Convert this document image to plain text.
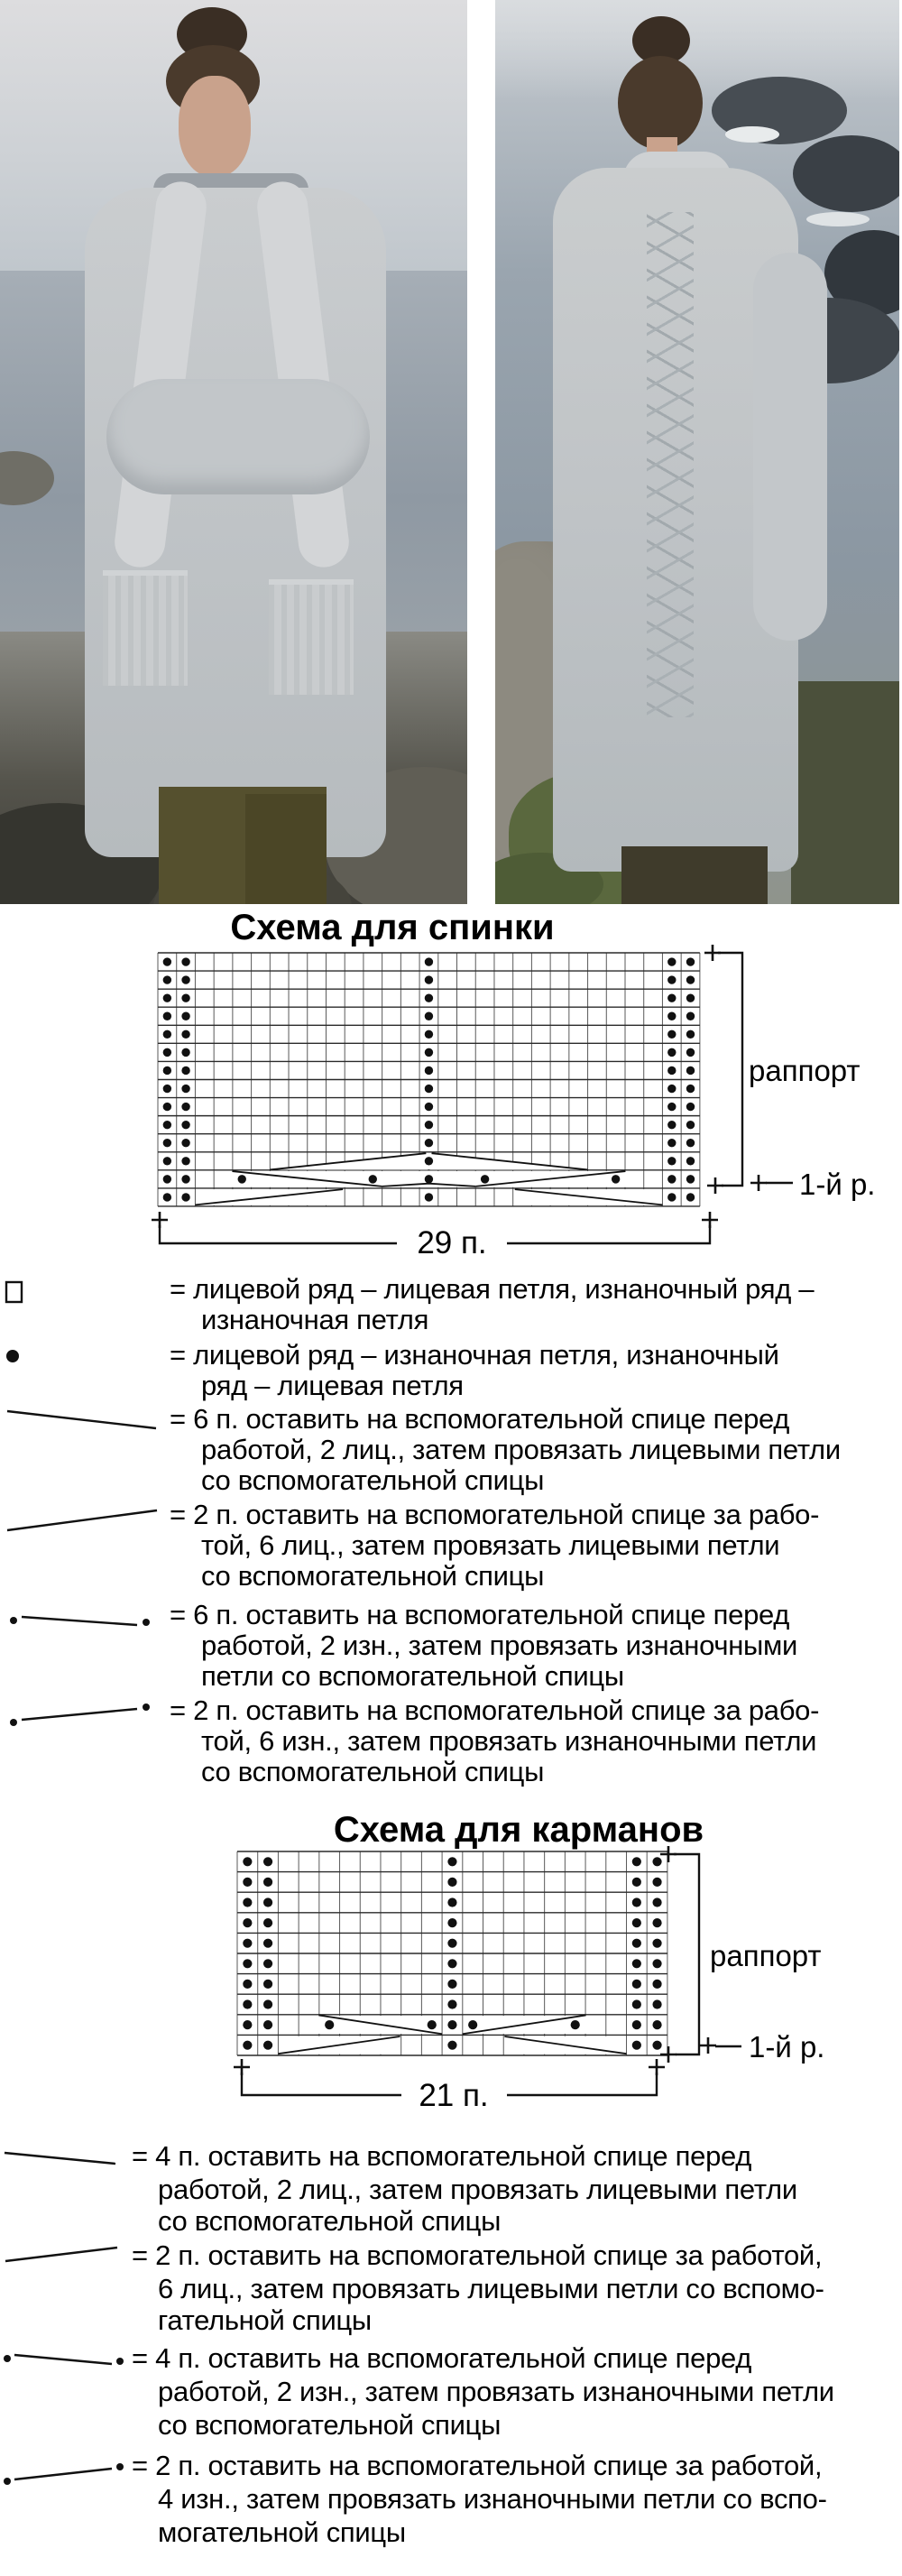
Схема для спинки
раппорт
1-й р.
29 п.
= лицевой ряд – лицевая петля, изнаночный ряд –
изнаночная петля
= лицевой ряд – изнаночная петля, изнаночный
ряд – лицевая петля
= 6 п. оставить на вспомогательной спице перед
работой, 2 лиц., затем провязать лицевыми петли
со вспомогательной спицы
= 2 п. оставить на вспомогательной спице за рабо-
той, 6 лиц., затем провязать лицевыми петли
со вспомогательной спицы
= 6 п. оставить на вспомогательной спице перед
работой, 2 изн., затем провязать изнаночными
петли со вспомогательной спицы
= 2 п. оставить на вспомогательной спице за рабо-
той, 6 изн., затем провязать изнаночными петли
со вспомогательной спицы
Схема для карманов
раппорт
1-й р.
21 п.
= 4 п. оставить на вспомогательной спице перед
работой, 2 лиц., затем провязать лицевыми петли
со вспомогательной спицы
= 2 п. оставить на вспомогательной спице за работой,
6 лиц., затем провязать лицевыми петли со вспомо-
гательной спицы
= 4 п. оставить на вспомогательной спице перед
работой, 2 изн., затем провязать изнаночными петли
со вспомогательной спицы
= 2 п. оставить на вспомогательной спице за работой,
4 изн., затем провязать изнаночными петли со вспо-
могательной спицы
